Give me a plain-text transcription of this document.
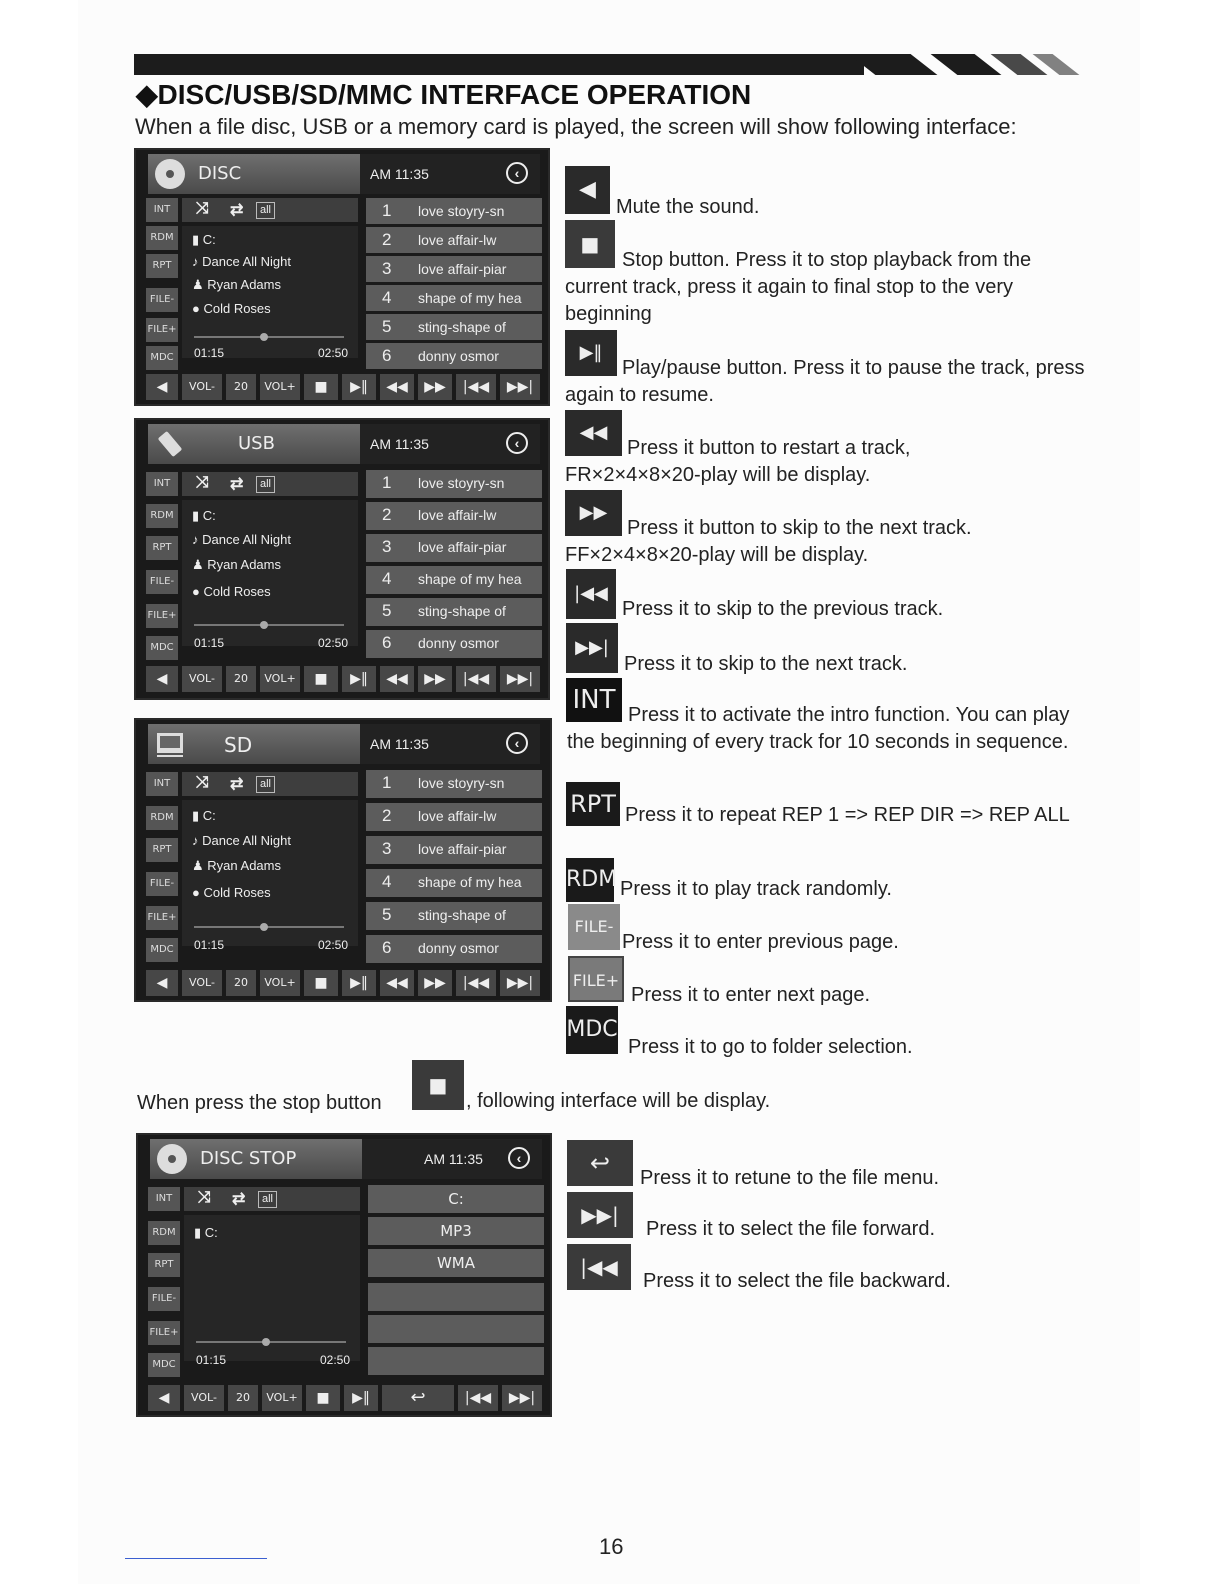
◆DISC/USB/SD/MMC INTERFACE OPERATION
When a file disc, USB or a memory card is played, the screen will show following interface:
DISC	AM 11:35	‹
INT
RDM
RPT
FILE-
FILE+
MDC
⤨ ⇄	all
▮ C:
♪ Dance All Night
♟ Ryan Adams
● Cold Roses
01:15	02:50
1 love stoyry-sn
2 love affair-lw
3 love affair-piar
4 shape of my hea
5 sting-shape of
6 donny osmor
◀	VOL-	20	VOL+	■	▶‖	◀◀	▶▶	|◀◀	▶▶|
USB	AM 11:35	‹
INT
RDM
RPT
FILE-
FILE+
MDC
⤨ ⇄	all
▮ C:
♪ Dance All Night
♟ Ryan Adams
● Cold Roses
01:15	02:50
1 love stoyry-sn
2 love affair-lw
3 love affair-piar
4 shape of my hea
5 sting-shape of
6 donny osmor
◀	VOL-	20	VOL+	■	▶‖	◀◀	▶▶	|◀◀	▶▶|
SD	AM 11:35	‹
INT
RDM
RPT
FILE-
FILE+
MDC
⤨ ⇄	all
▮ C:
♪ Dance All Night
♟ Ryan Adams
● Cold Roses
01:15	02:50
1 love stoyry-sn
2 love affair-lw
3 love affair-piar
4 shape of my hea
5 sting-shape of
6 donny osmor
◀	VOL-	20	VOL+	■	▶‖	◀◀	▶▶	|◀◀	▶▶|
◀
Mute the sound.
■
Stop button. Press it to stop playback from the current track, press it again to final stop to the very beginning
▶‖
Play/pause button. Press it to pause the track, press again to resume.
◀◀
Press it button to restart a track, FR×2×4×8×20-play will be display.
▶▶
Press it button to skip to the next track. FF×2×4×8×20-play will be display.
|◀◀
Press it to skip to the previous track.
▶▶|
Press it to skip to the next track.
INT Press it to activate the intro function. You can play the beginning of every track for 10 seconds in sequence.
RPT Press it to repeat REP 1 => REP DIR => REP ALL
RDM Press it to play track randomly.
FILE-
Press it to enter previous page.
FILE+
Press it to enter next page.
MDC
Press it to go to folder selection.
When press the stop button
■
, following interface will be display.
DISC STOP	AM 11:35	‹
INT
RDM
RPT
FILE-
FILE+
MDC
⤨ ⇄	all
▮ C:
01:15	02:50
C:
MP3
WMA
◀	VOL-	20	VOL+	■	▶‖	↩	|◀◀	▶▶|
↩
Press it to retune to the file menu.
▶▶|
Press it to select the file forward.
|◀◀
Press it to select the file backward.
16
